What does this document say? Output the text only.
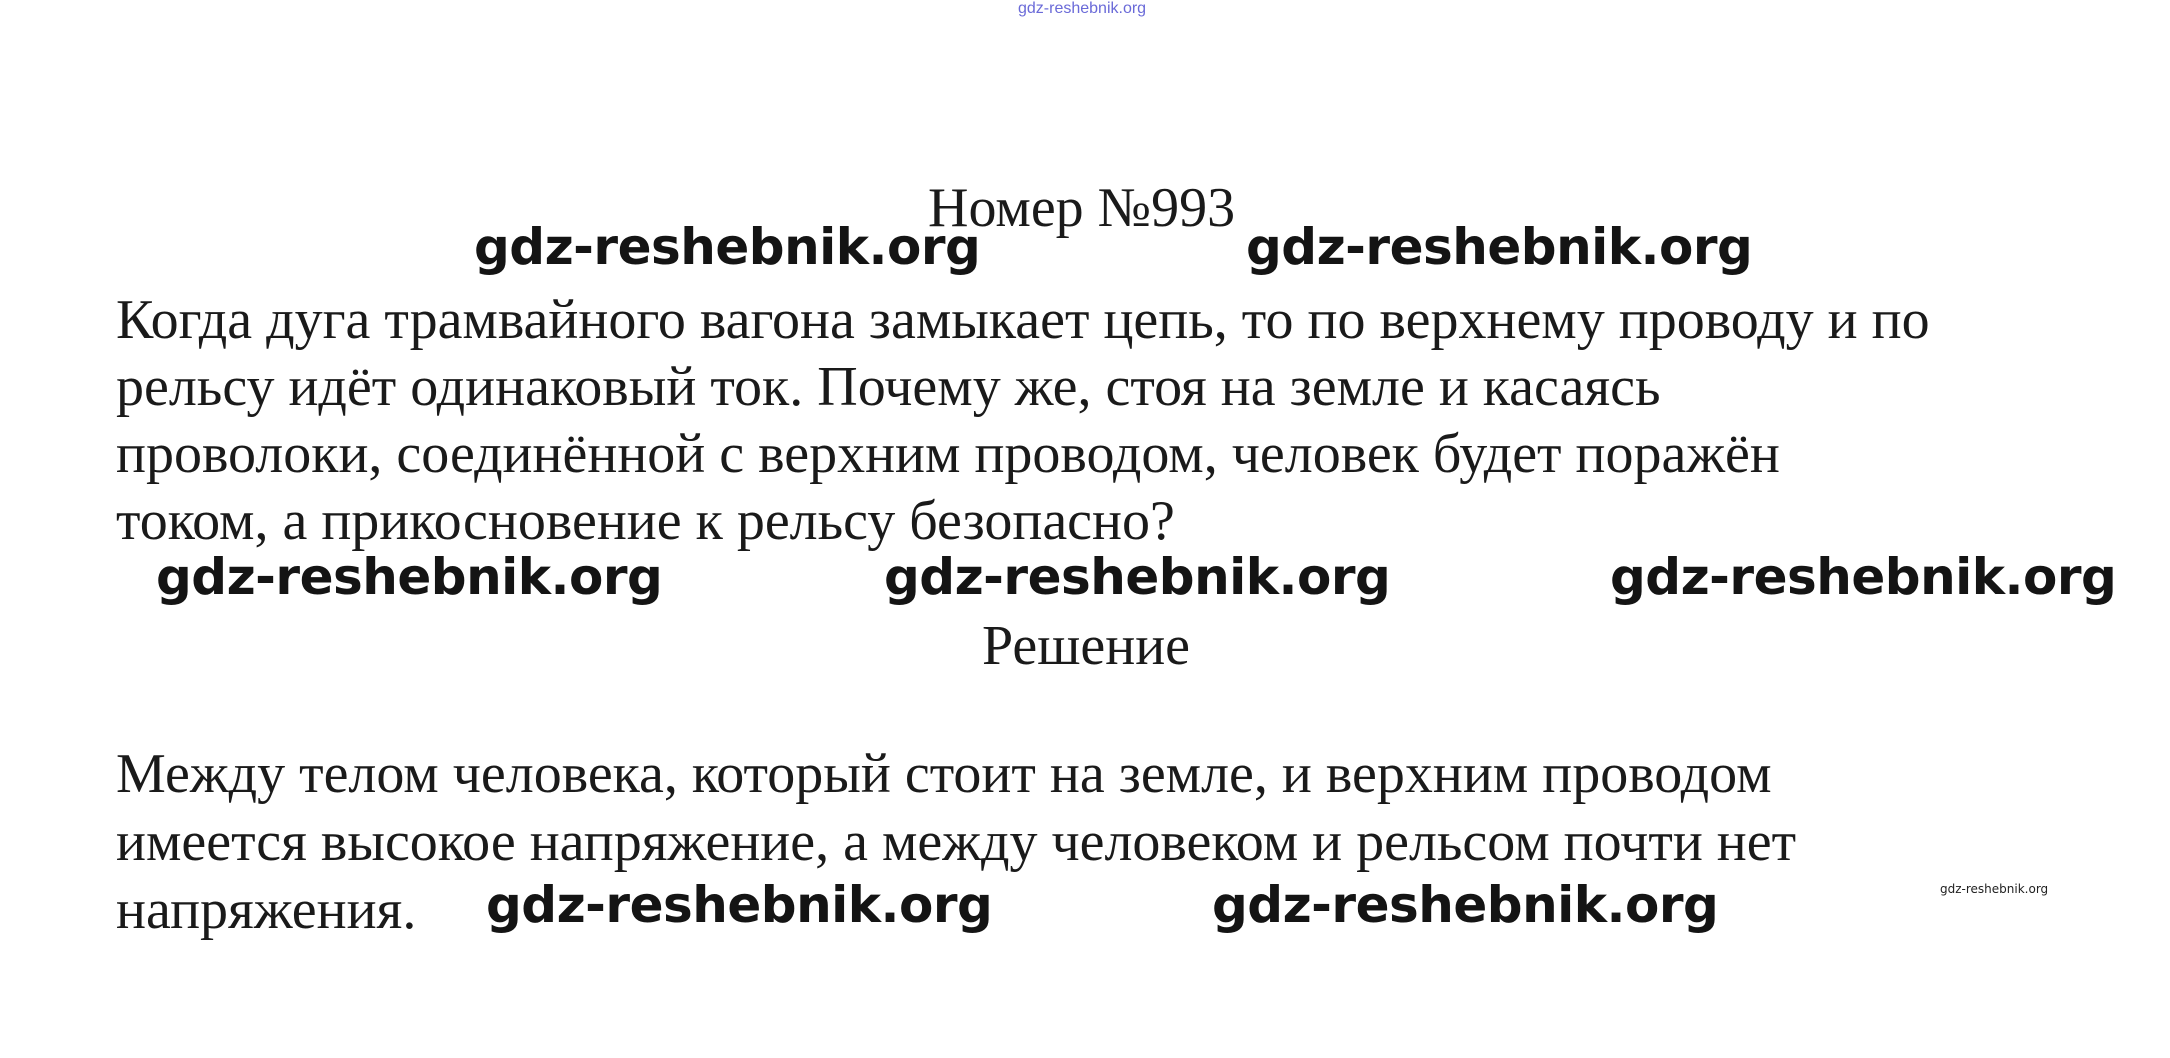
gdz-reshebnik.org
Номер №993
Когда дуга трамвайного вагона замыкает цепь, то по верхнему проводу и по
рельсу идёт одинаковый ток. Почему же, стоя на земле и касаясь
проволоки, соединённой с верхним проводом, человек будет поражён
током, а прикосновение к рельсу безопасно?
Решение
Между телом человека, который стоит на земле, и верхним проводом
имеется высокое напряжение, а между человеком и рельсом почти нет
напряжения.
gdz-reshebnik.org	gdz-reshebnik.org
gdz-reshebnik.org	gdz-reshebnik.org	gdz-reshebnik.org
gdz-reshebnik.org	gdz-reshebnik.org	gdz-reshebnik.org
